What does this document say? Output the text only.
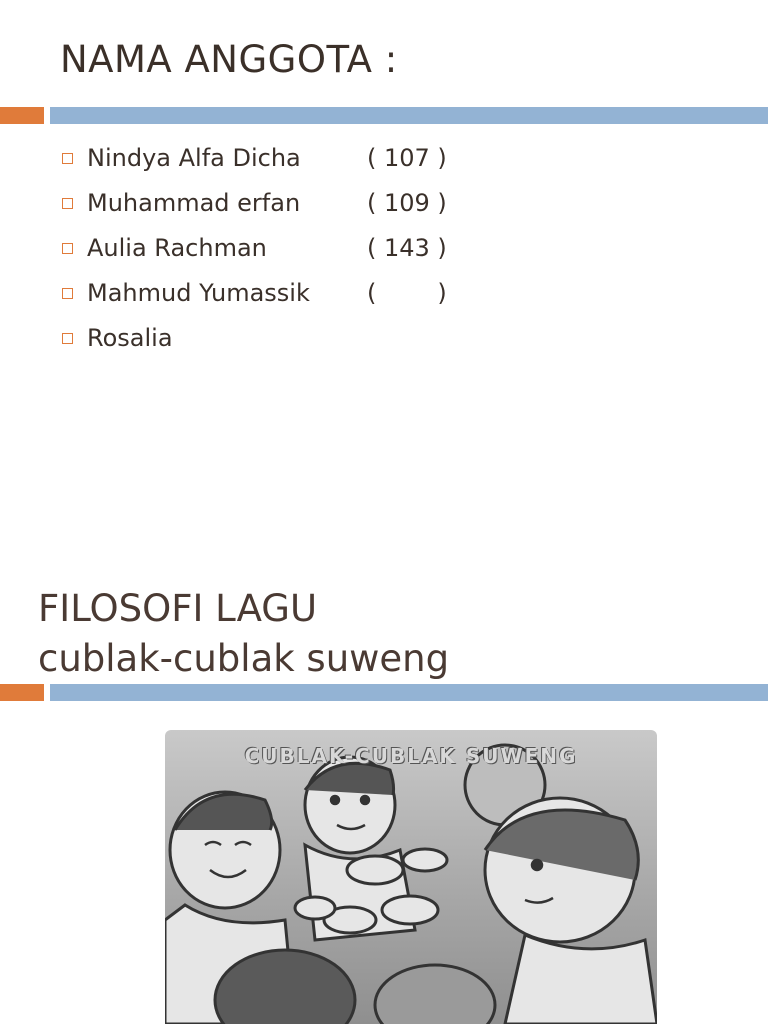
NAMA ANGGOTA :
Nindya Alfa Dicha	( 107 )
Muhammad erfan	( 109 )
Aulia Rachman	( 143 )
Mahmud Yumassik (        )
Rosalia
FILOSOFI LAGU
cublak-cublak suweng
CUBLAK-CUBLAK SUWENG
